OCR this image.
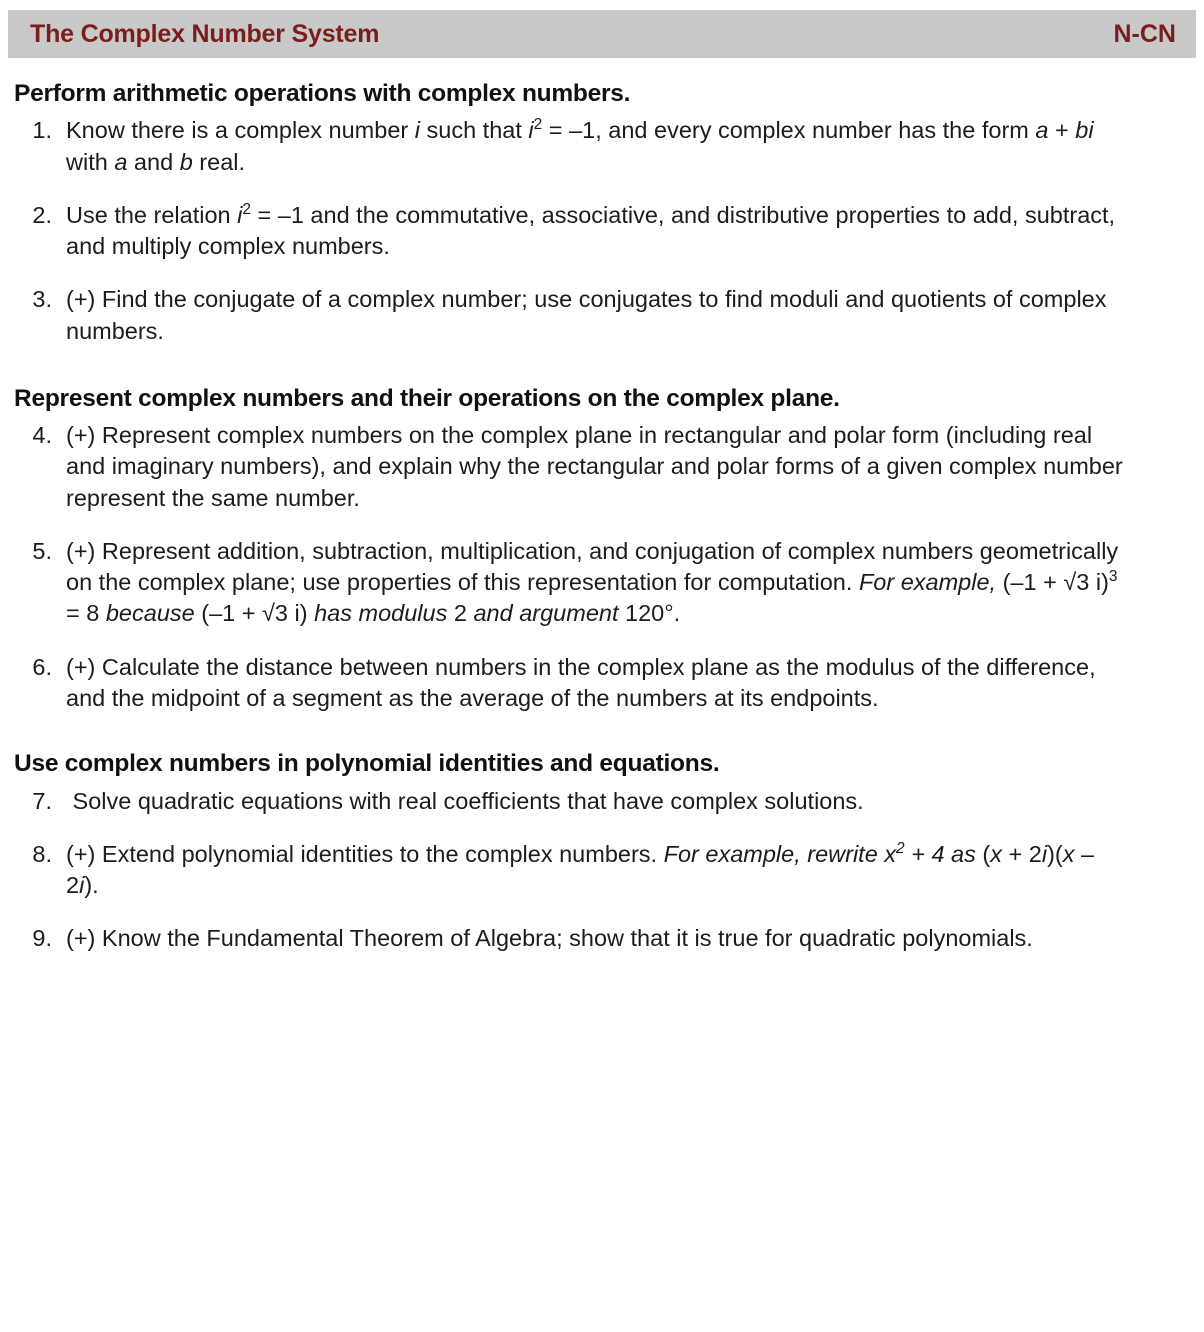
The Complex Number System	N-CN
Perform arithmetic operations with complex numbers.
1. Know there is a complex number i such that $i^2 = -1$, and every complex number has the form a + bi with a and b real.
2. Use the relation $i^2 = -1$ and the commutative, associative, and distributive properties to add, subtract, and multiply complex numbers.
3. (+) Find the conjugate of a complex number; use conjugates to find moduli and quotients of complex numbers.
Represent complex numbers and their operations on the complex plane.
4. (+) Represent complex numbers on the complex plane in rectangular and polar form (including real and imaginary numbers), and explain why the rectangular and polar forms of a given complex number represent the same number.
5. (+) Represent addition, subtraction, multiplication, and conjugation of complex numbers geometrically on the complex plane; use properties of this representation for computation. For example, (–1 + √3 i)$^3$ = 8 because (–1 + √3 i) has modulus 2 and argument 120°.
6. (+) Calculate the distance between numbers in the complex plane as the modulus of the difference, and the midpoint of a segment as the average of the numbers at its endpoints.
Use complex numbers in polynomial identities and equations.
7. Solve quadratic equations with real coefficients that have complex solutions.
8. (+) Extend polynomial identities to the complex numbers. For example, rewrite $x^2 + 4$ as (x + 2i)(x – 2i).
9. (+) Know the Fundamental Theorem of Algebra; show that it is true for quadratic polynomials.
